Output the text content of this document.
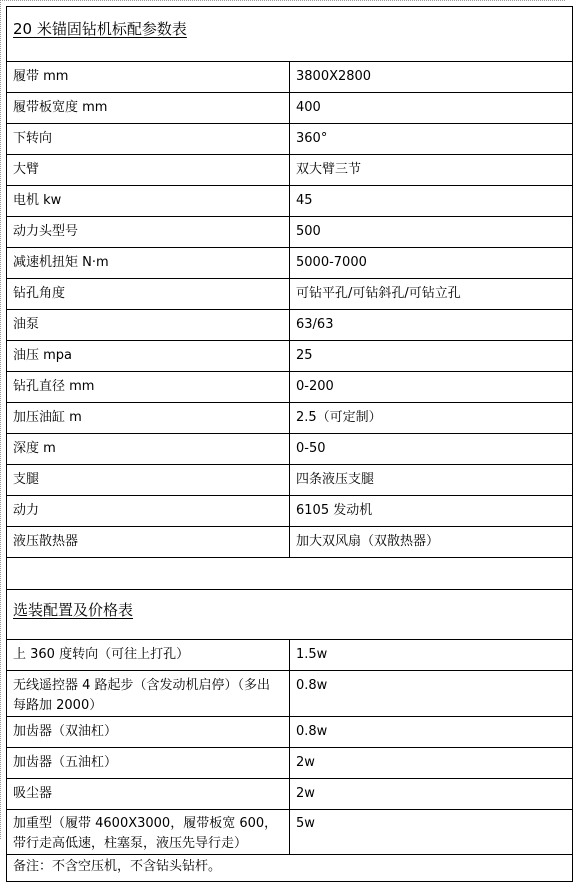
20 米锚固钻机标配参数表	
履带 mm	3800X2800
履带板宽度 mm	400
下转向	360°
大臂	双大臂三节
电机 kw	45
动力头型号	500
减速机扭矩 N·m	5000-7000
钻孔角度	可钻平孔/可钻斜孔/可钻立孔
油泵	63/63
油压 mpa	25
钻孔直径 mm	0-200
加压油缸 m	2.5（可定制）
深度 m	0-50
支腿	四条液压支腿
动力	6105 发动机
液压散热器	加大双风扇（双散热器）

选装配置及价格表	
上 360 度转向（可往上打孔）	1.5w
无线遥控器 4 路起步（含发动机启停）（多出每路加 2000）	0.8w
加齿器（双油杠）	0.8w
加齿器（五油杠）	2w
吸尘器	2w
加重型（履带 4600X3000，履带板宽 600，带行走高低速，柱塞泵，液压先导行走）	5w
备注：不含空压机，不含钻头钻杆。	
